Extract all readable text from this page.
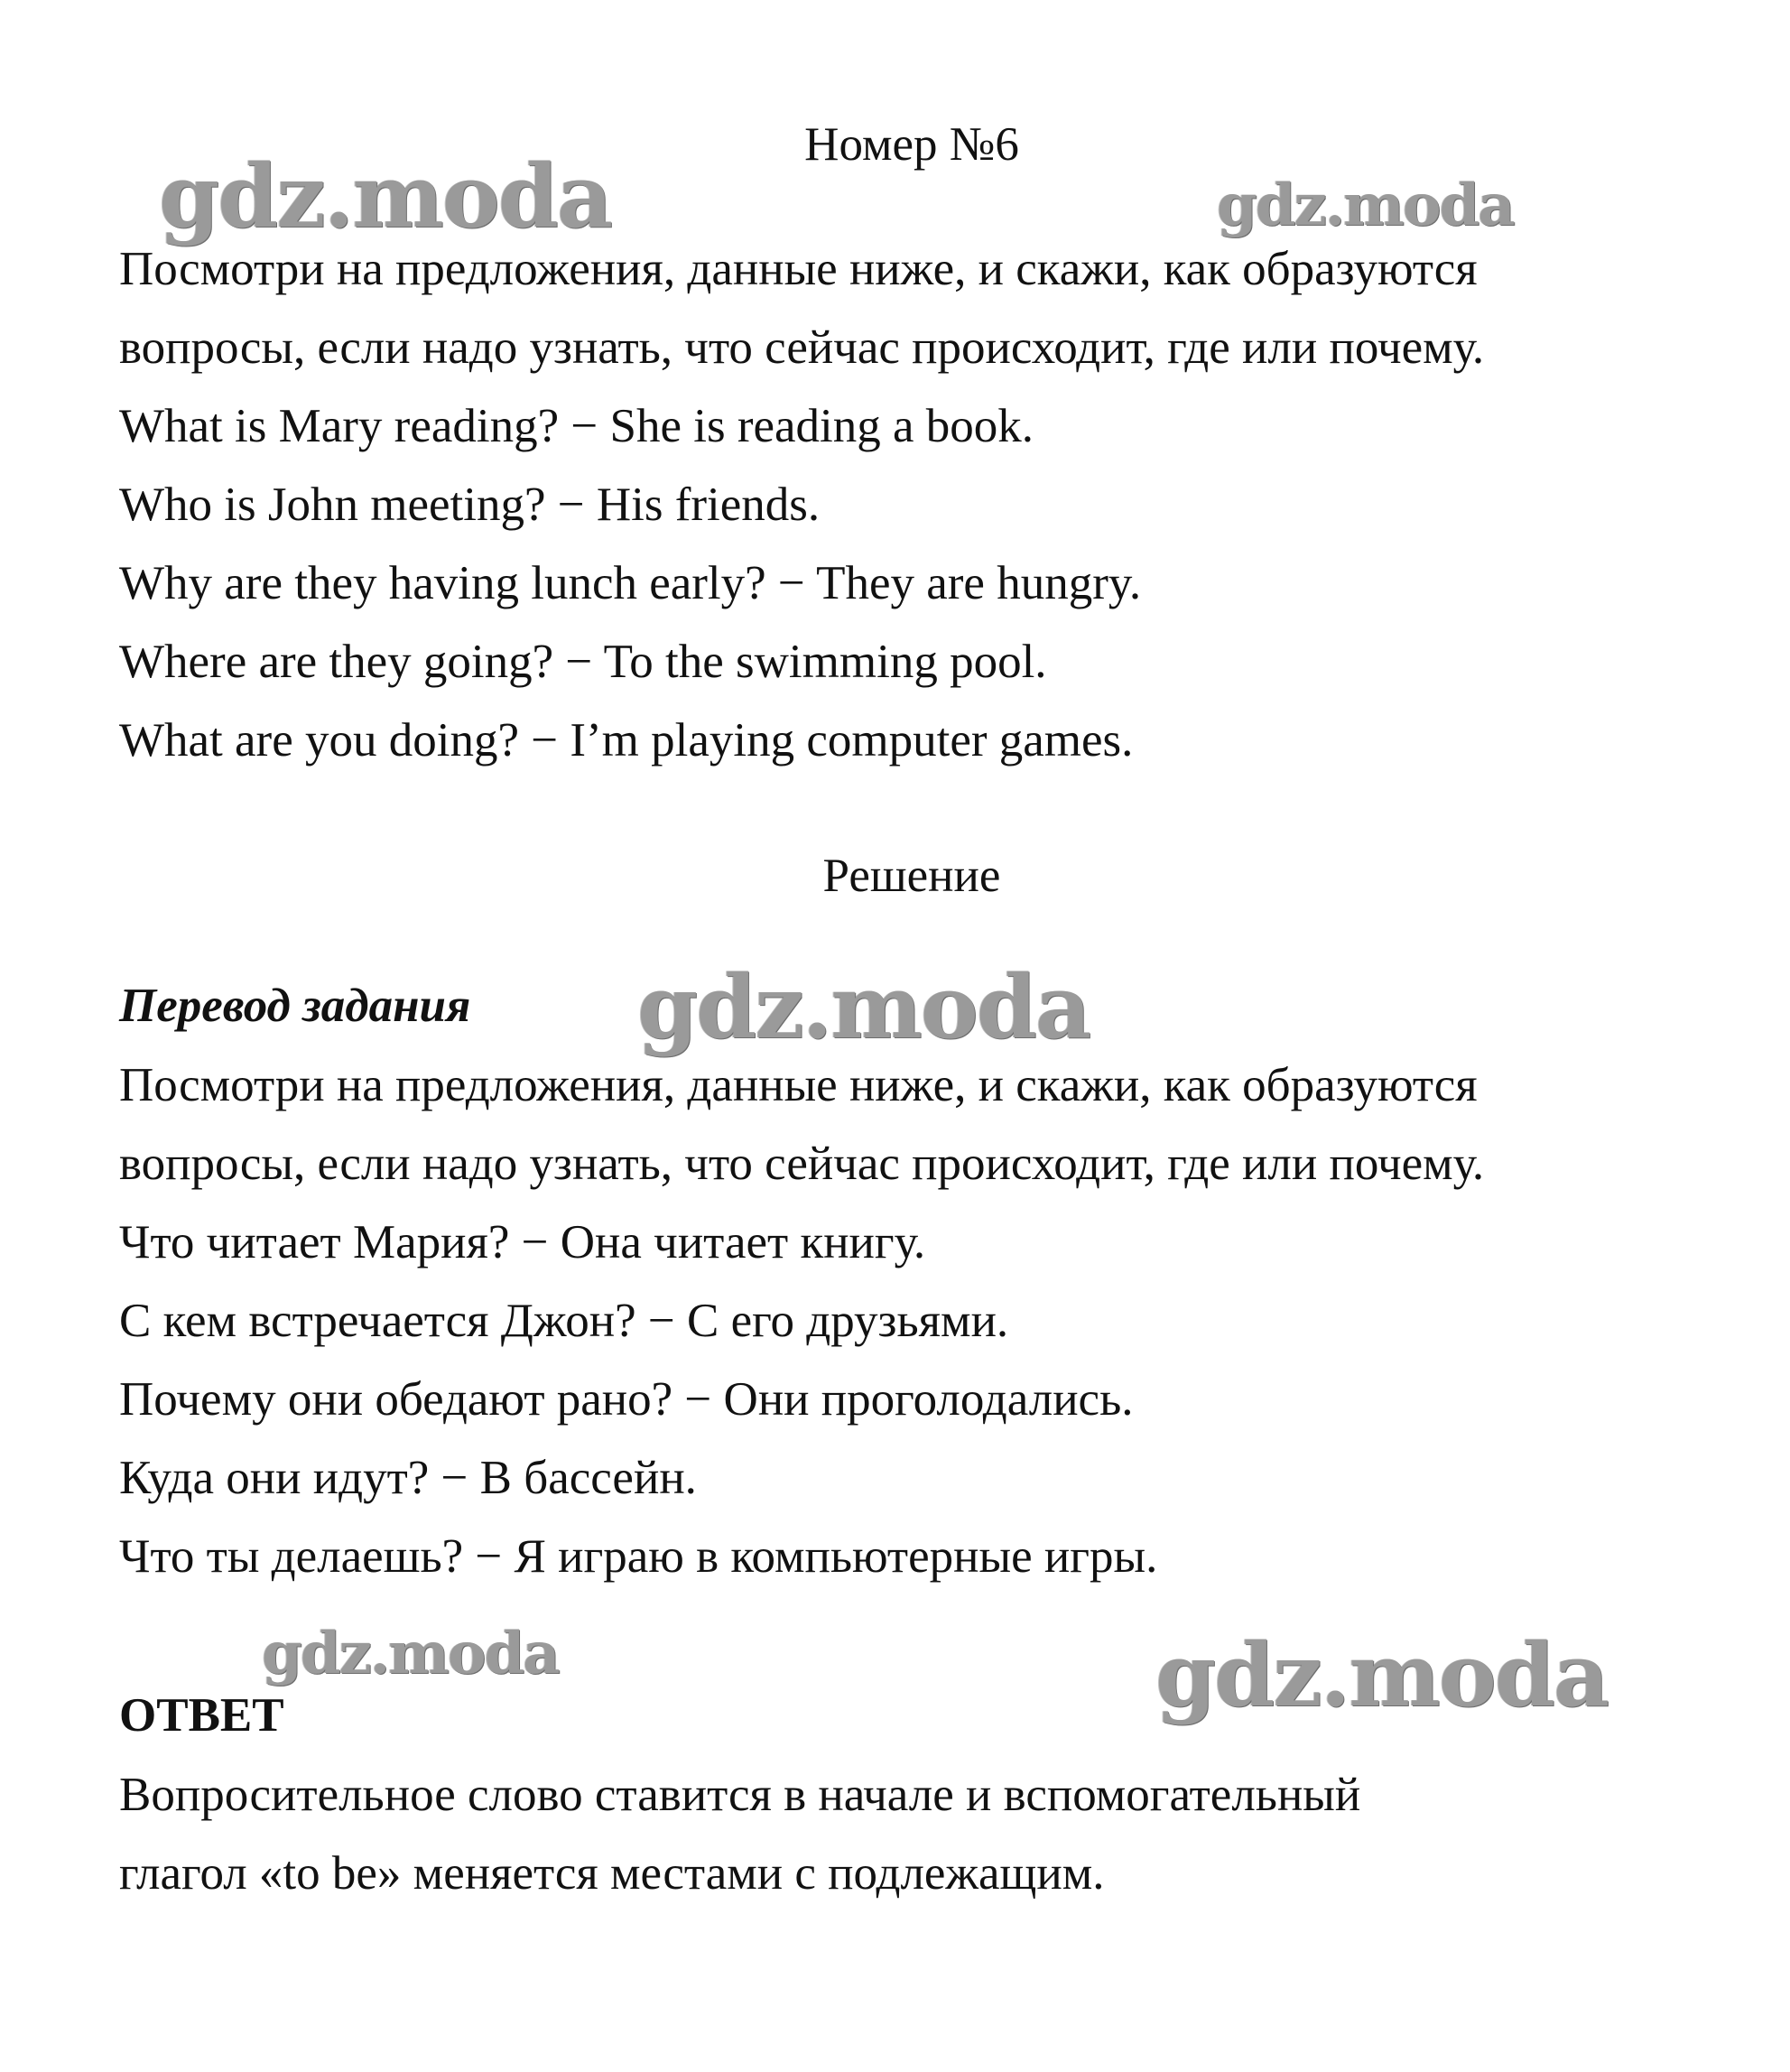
gdz.moda	gdz.moda
gdz.moda
gdz.moda	gdz.moda
Номер №6
Посмотри на предложения, данные ниже, и скажи, как образуются
вопросы, если надо узнать, что сейчас происходит, где или почему.
What is Mary reading? − She is reading a book.
Who is John meeting? − His friends.
Why are they having lunch early? − They are hungry.
Where are they going? − To the swimming pool.
What are you doing? − I’m playing computer games.
Решение
Перевод задания
Посмотри на предложения, данные ниже, и скажи, как образуются
вопросы, если надо узнать, что сейчас происходит, где или почему.
Что читает Мария? − Она читает книгу.
С кем встречается Джон? − С его друзьями.
Почему они обедают рано? − Они проголодались.
Куда они идут? − В бассейн.
Что ты делаешь? − Я играю в компьютерные игры.
ОТВЕТ
Вопросительное слово ставится в начале и вспомогательный
глагол «to be» меняется местами с подлежащим.
